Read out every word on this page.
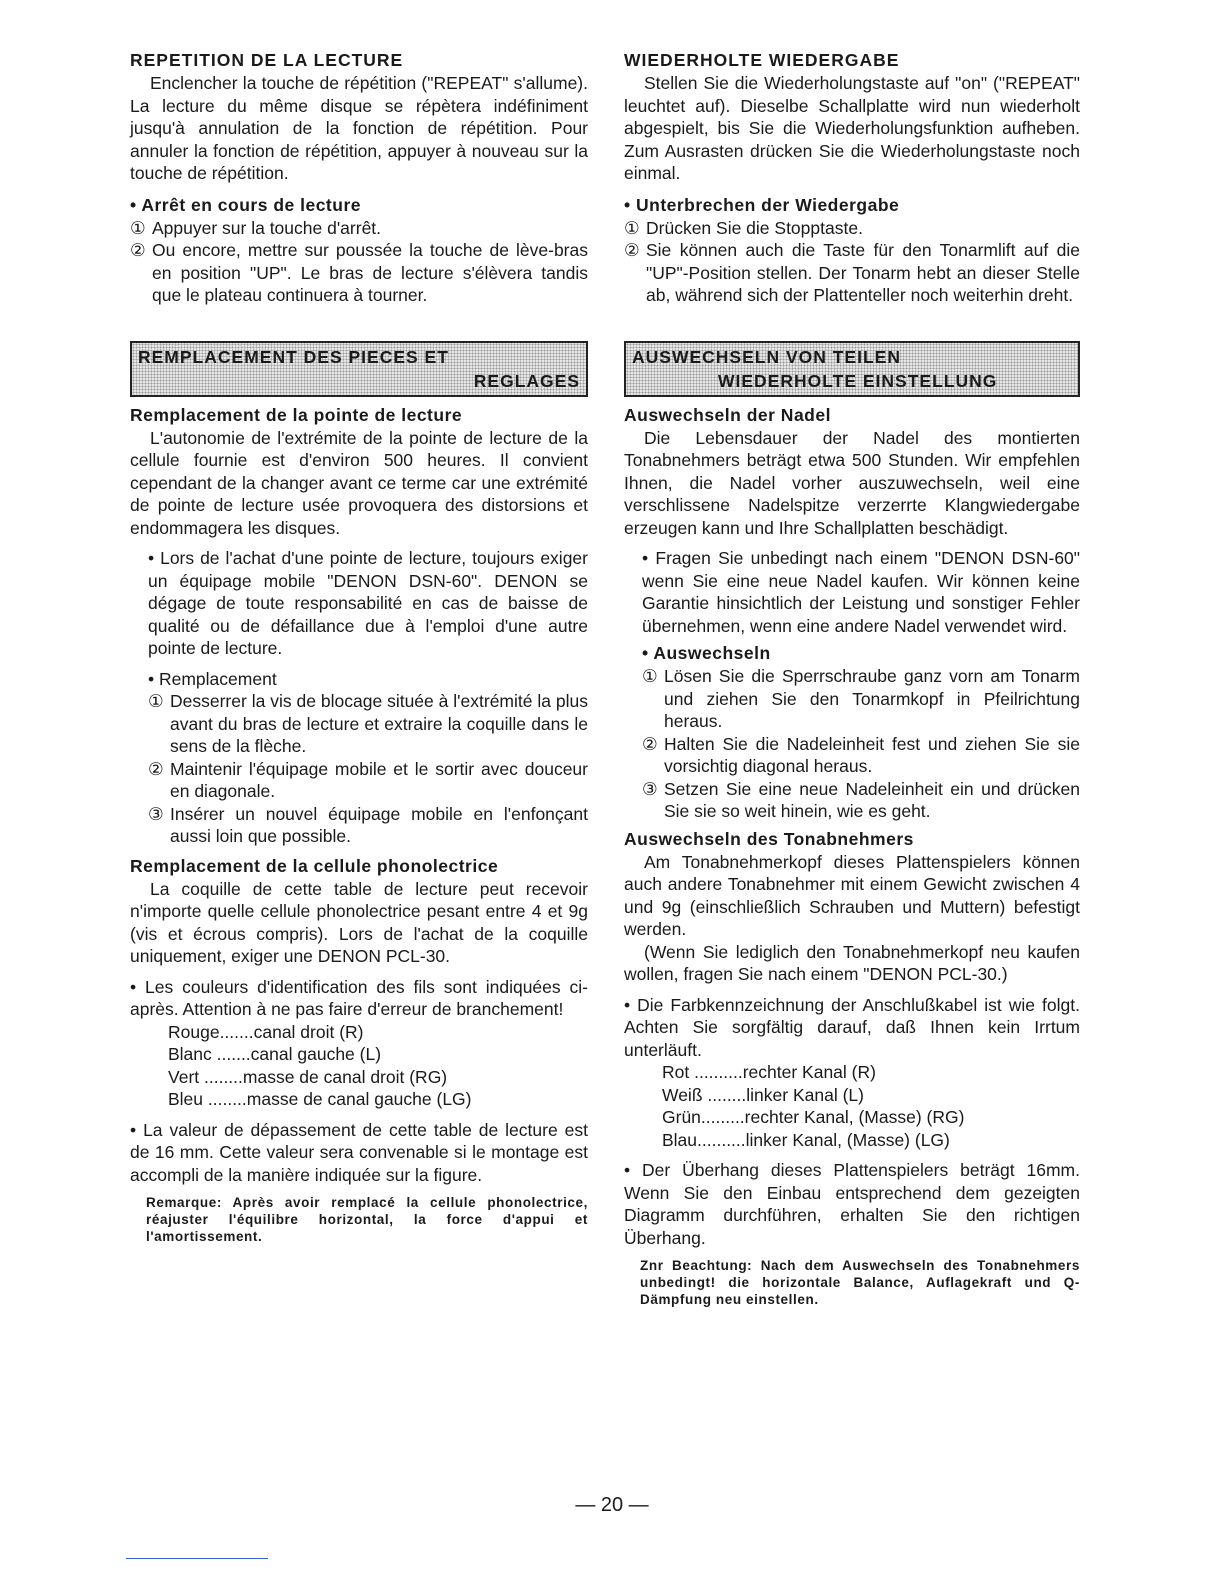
REPETITION DE LA LECTURE

Enclencher la touche de répétition ("REPEAT" s'allume). La lecture du même disque se répètera indéfiniment jusqu'à annulation de la fonction de répétition. Pour annuler la fonction de répétition, appuyer à nouveau sur la touche de répétition.

• Arrêt en cours de lecture

① Appuyer sur la touche d'arrêt.
② Ou encore, mettre sur poussée la touche de lève-bras en position "UP". Le bras de lecture s'élèvera tandis que le plateau continuera à tourner.
REMPLACEMENT DES PIECES ET
REGLAGES

Remplacement de la pointe de lecture

L'autonomie de l'extrémite de la pointe de lecture de la cellule fournie est d'environ 500 heures. Il convient cependant de la changer avant ce terme car une extrémité de pointe de lecture usée provoquera des distorsions et endommagera les disques.

• Lors de l'achat d'une pointe de lecture, toujours exiger un équipage mobile "DENON DSN-60". DENON se dégage de toute responsabilité en cas de baisse de qualité ou de défaillance due à l'emploi d'une autre pointe de lecture.

• Remplacement

① Desserrer la vis de blocage située à l'extrémité la plus avant du bras de lecture et extraire la coquille dans le sens de la flèche.
② Maintenir l'équipage mobile et le sortir avec douceur en diagonale.
③ Insérer un nouvel équipage mobile en l'enfonçant aussi loin que possible.

Remplacement de la cellule phonolectrice

La coquille de cette table de lecture peut recevoir n'importe quelle cellule phonolectrice pesant entre 4 et 9g (vis et écrous compris). Lors de l'achat de la coquille uniquement, exiger une DENON PCL-30.

• Les couleurs d'identification des fils sont indiquées ci-après. Attention à ne pas faire d'erreur de branchement!

Rouge.......canal droit (R)
Blanc .......canal gauche (L)
Vert ........masse de canal droit (RG)
Bleu ........masse de canal gauche (LG)

• La valeur de dépassement de cette table de lecture est de 16 mm. Cette valeur sera convenable si le montage est accompli de la manière indiquée sur la figure.

Remarque: Après avoir remplacé la cellule phonolectrice, réajuster l'équilibre horizontal, la force d'appui et l'amortissement.

WIEDERHOLTE WIEDERGABE

Stellen Sie die Wiederholungstaste auf "on" ("REPEAT" leuchtet auf). Dieselbe Schallplatte wird nun wiederholt abgespielt, bis Sie die Wiederholungsfunktion aufheben. Zum Ausrasten drücken Sie die Wiederholungstaste noch einmal.

• Unterbrechen der Wiedergabe

① Drücken Sie die Stopptaste.
② Sie können auch die Taste für den Tonarmlift auf die "UP"-Position stellen. Der Tonarm hebt an dieser Stelle ab, während sich der Plattenteller noch weiterhin dreht.
AUSWECHSELN VON TEILEN
WIEDERHOLTE EINSTELLUNG

Auswechseln der Nadel

Die Lebensdauer der Nadel des montierten Tonabnehmers beträgt etwa 500 Stunden. Wir empfehlen Ihnen, die Nadel vorher auszuwechseln, weil eine verschlissene Nadelspitze verzerrte Klangwiedergabe erzeugen kann und Ihre Schallplatten beschädigt.

• Fragen Sie unbedingt nach einem "DENON DSN-60" wenn Sie eine neue Nadel kaufen. Wir können keine Garantie hinsichtlich der Leistung und sonstiger Fehler übernehmen, wenn eine andere Nadel verwendet wird.

• Auswechseln

① Lösen Sie die Sperrschraube ganz vorn am Tonarm und ziehen Sie den Tonarmkopf in Pfeilrichtung heraus.
② Halten Sie die Nadeleinheit fest und ziehen Sie sie vorsichtig diagonal heraus.
③ Setzen Sie eine neue Nadeleinheit ein und drücken Sie sie so weit hinein, wie es geht.

Auswechseln des Tonabnehmers

Am Tonabnehmerkopf dieses Plattenspielers können auch andere Tonabnehmer mit einem Gewicht zwischen 4 und 9g (einschließlich Schrauben und Muttern) befestigt werden.

(Wenn Sie lediglich den Tonabnehmerkopf neu kaufen wollen, fragen Sie nach einem "DENON PCL-30.)

• Die Farbkennzeichnung der Anschlußkabel ist wie folgt. Achten Sie sorgfältig darauf, daß Ihnen kein Irrtum unterläuft.

Rot ..........rechter Kanal (R)
Weiß ........linker Kanal (L)
Grün.........rechter Kanal, (Masse) (RG)
Blau..........linker Kanal, (Masse) (LG)

• Der Überhang dieses Plattenspielers beträgt 16mm. Wenn Sie den Einbau entsprechend dem gezeigten Diagramm durchführen, erhalten Sie den richtigen Überhang.

Znr Beachtung: Nach dem Auswechseln des Tonabnehmers unbedingt! die horizontale Balance, Auflagekraft und Q-Dämpfung neu einstellen.
— 20 —
